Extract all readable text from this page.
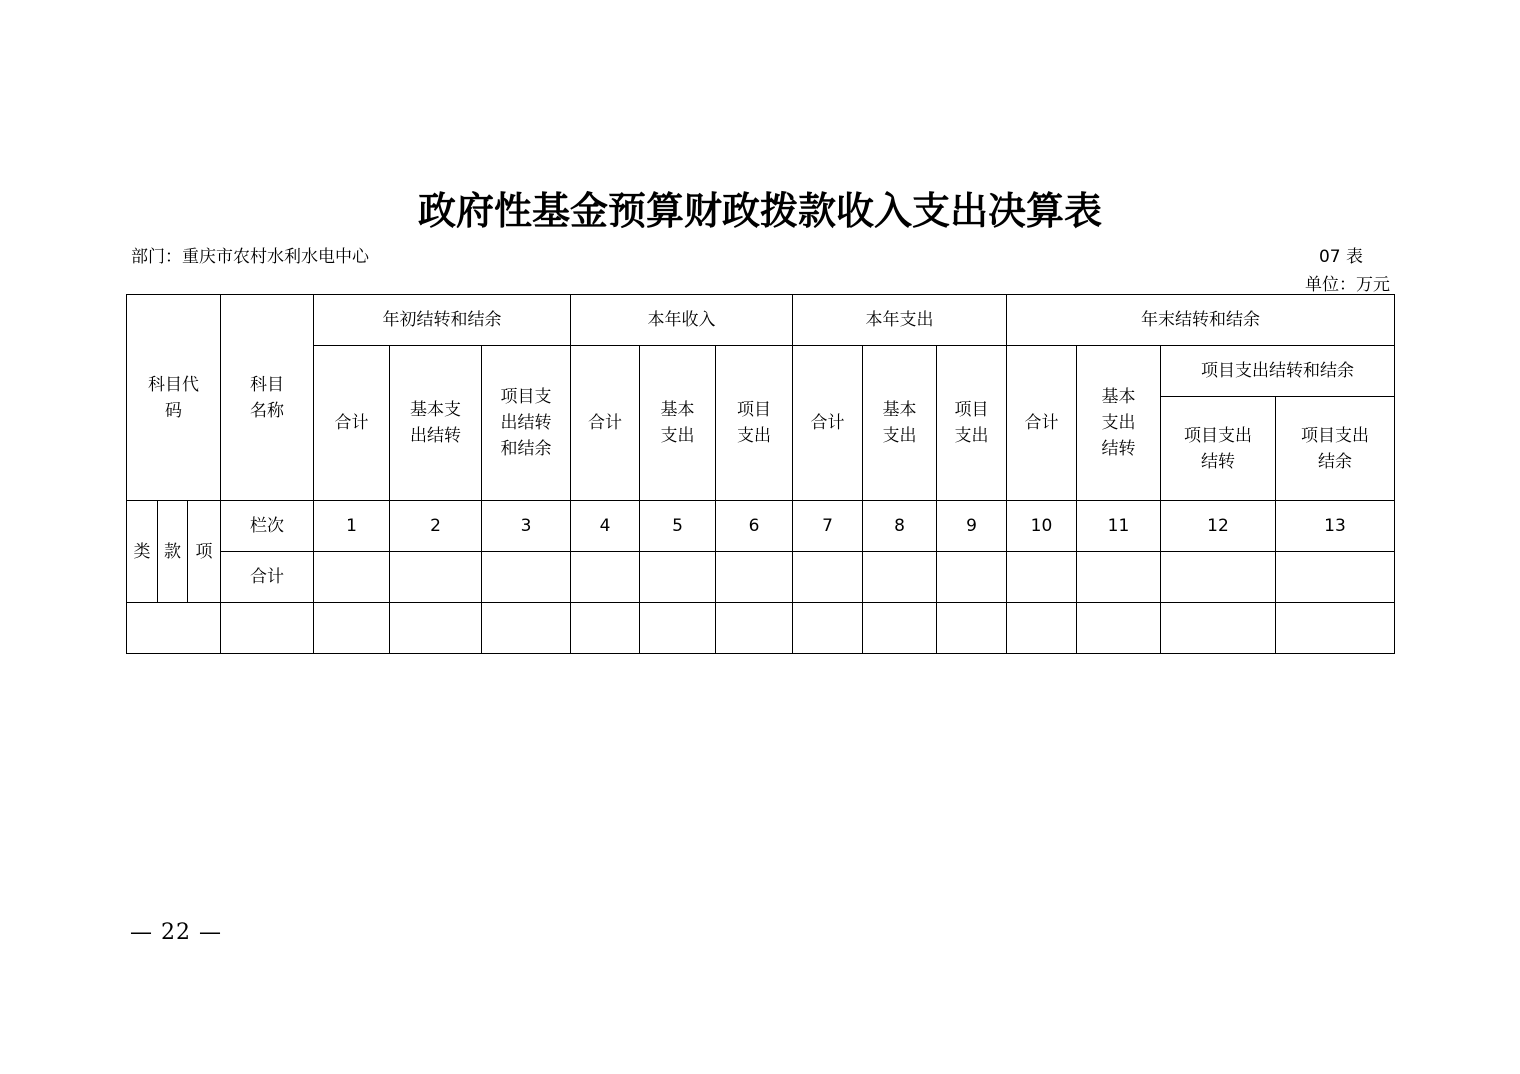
政府性基金预算财政拨款收入支出决算表
部门：重庆市农村水利水电中心	07 表
单位：万元
科目代码			科目名称	年初结转和结余			本年收入			本年支出			年末结转和结余			
				合计	基本支出结转	项目支出结转和结余	合计	基本支出	项目支出	合计	基本支出	项目支出	合计	基本支出结转	项目支出结转和结余	

															项目支出结转	项目支出结余

类	款	项	栏次	1	2	3	4	5	6	7	8	9	10	11	12	13
			合计													

— 22 —
